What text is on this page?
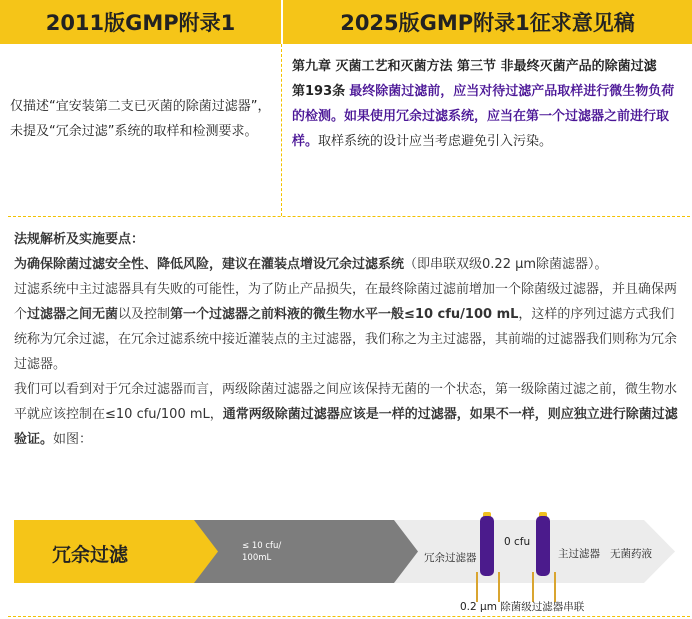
2011版GMP附录1	2025版GMP附录1征求意见稿
仅描述“宜安装第二支已灭菌的除菌过滤器”，未提及“冗余过滤”系统的取样和检测要求。
第九章 灭菌工艺和灭菌方法 第三节 非最终灭菌产品的除菌过滤
第193条 最终除菌过滤前，应当对待过滤产品取样进行微生物负荷的检测。如果使用冗余过滤系统，应当在第一个过滤器之前进行取样。取样系统的设计应当考虑避免引入污染。

法规解析及实施要点：

为确保除菌过滤安全性、降低风险，建议在灌装点增设冗余过滤系统（即串联双级0.22 μm除菌滤器）。

过滤系统中主过滤器具有失败的可能性，为了防止产品损失，在最终除菌过滤前增加一个除菌级过滤器，并且确保两个过滤器之间无菌以及控制第一个过滤器之前料液的微生物水平一般≤10 cfu/100 mL，这样的序列过滤方式我们统称为冗余过滤，在冗余过滤系统中接近灌装点的主过滤器，我们称之为主过滤器，其前端的过滤器我们则称为冗余过滤器。

我们可以看到对于冗余过滤器而言，两级除菌过滤器之间应该保持无菌的一个状态，第一级除菌过滤之前，微生物水平就应该控制在≤10 cfu/100 mL，通常两级除菌过滤器应该是一样的过滤器，如果不一样，则应独立进行除菌过滤验证。如图：

冗余过滤	≤ 10 cfu/
100mL	冗余过滤器
0 cfu
主过滤器 无菌药液
0.2 μm 除菌级过滤器串联
